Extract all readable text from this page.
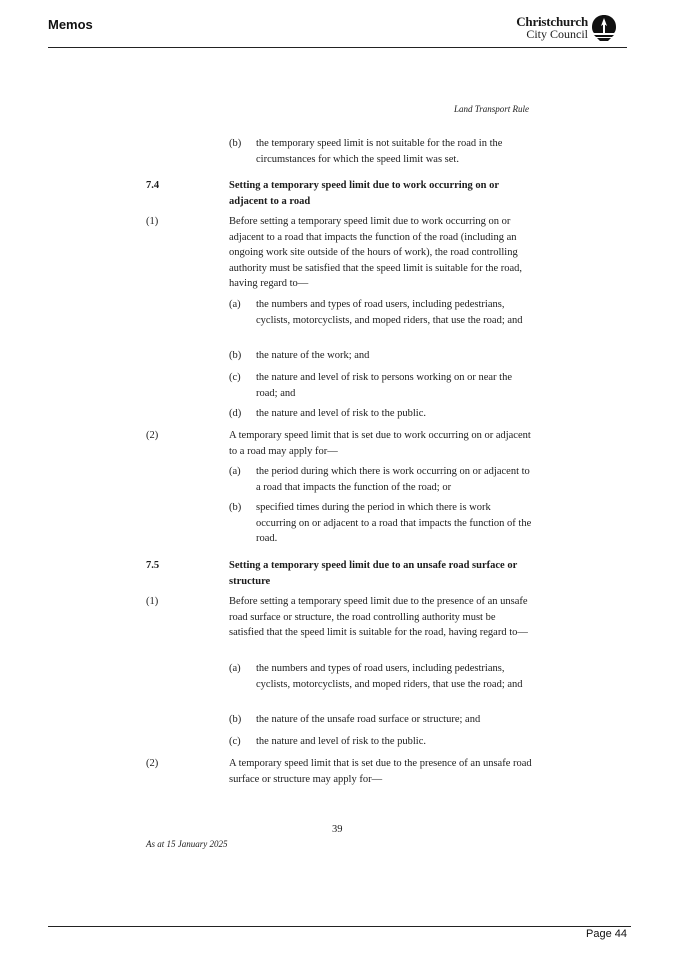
Memos	Christchurch
City Council
Land Transport Rule
(b) the temporary speed limit is not suitable for the road in the circumstances for which the speed limit was set.
7.4	Setting a temporary speed limit due to work occurring on or adjacent to a road
(1)	Before setting a temporary speed limit due to work occurring on or adjacent to a road that impacts the function of the road (including an ongoing work site outside of the hours of work), the road controlling authority must be satisfied that the speed limit is suitable for the road, having regard to—
(a) the numbers and types of road users, including pedestrians, cyclists, motorcyclists, and moped riders, that use the road; and
(b) the nature of the work; and
(c) the nature and level of risk to persons working on or near the road; and
(d) the nature and level of risk to the public.
(2)	A temporary speed limit that is set due to work occurring on or adjacent to a road may apply for—
(a) the period during which there is work occurring on or adjacent to a road that impacts the function of the road; or
(b) specified times during the period in which there is work occurring on or adjacent to a road that impacts the function of the road.
7.5	Setting a temporary speed limit due to an unsafe road surface or structure
(1)	Before setting a temporary speed limit due to the presence of an unsafe road surface or structure, the road controlling authority must be satisfied that the speed limit is suitable for the road, having regard to—
(a) the numbers and types of road users, including pedestrians, cyclists, motorcyclists, and moped riders, that use the road; and
(b) the nature of the unsafe road surface or structure; and
(c) the nature and level of risk to the public.
(2)	A temporary speed limit that is set due to the presence of an unsafe road surface or structure may apply for—
39
As at 15 January 2025
Page 44
